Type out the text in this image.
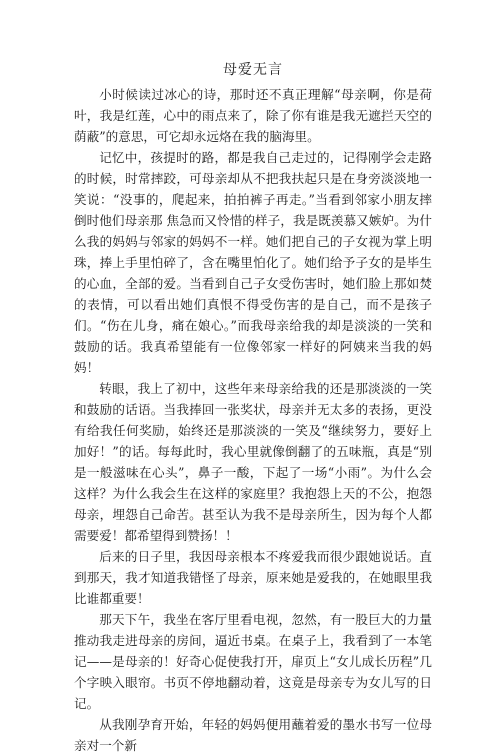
母爱无言

小时候读过冰心的诗，那时还不真正理解“母亲啊，你是荷叶，我是红莲，心中的雨点来了，除了你有谁是我无遮拦天空的荫蔽”的意思，可它却永远烙在我的脑海里。

记忆中，孩提时的路，都是我自己走过的，记得刚学会走路的时候，时常摔跤，可母亲却从不把我扶起只是在身旁淡淡地一笑说：“没事的，爬起来，拍拍裤子再走。”当看到邻家小朋友摔倒时他们母亲那 焦急而又怜惜的样子，我是既羡慕又嫉妒。为什么我的妈妈与邻家的妈妈不一样。她们把自己的子女视为掌上明珠，捧上手里怕碎了，含在嘴里怕化了。她们给予子女的是毕生的心血，全部的爱。当看到自己子女受伤害时，她们脸上那如焚的表情，可以看出她们真恨不得受伤害的是自己，而不是孩子们。“伤在儿身，痛在娘心。”而我母亲给我的却是淡淡的一笑和鼓励的话。我真希望能有一位像邻家一样好的阿姨来当我的妈妈！

转眼，我上了初中，这些年来母亲给我的还是那淡淡的一笑和鼓励的话语。当我捧回一张奖状，母亲并无太多的表扬，更没有给我任何奖励，始终还是那淡淡的一笑及“继续努力，要好上加好！”的话。每每此时，我心里就像倒翻了的五味瓶，真是“别是一般滋味在心头”，鼻子一酸，下起了一场“小雨”。为什么会这样？为什么我会生在这样的家庭里？我抱怨上天的不公，抱怨母亲，埋怨自己命苦。甚至认为我不是母亲所生，因为每个人都需要爱！都希望得到赞扬！！

后来的日子里，我因母亲根本不疼爱我而很少跟她说话。直到那天，我才知道我错怪了母亲，原来她是爱我的，在她眼里我比谁都重要！

那天下午，我坐在客厅里看电视，忽然，有一股巨大的力量推动我走进母亲的房间，逼近书桌。在桌子上，我看到了一本笔记——是母亲的！好奇心促使我打开，扉页上“女儿成长历程”几个字映入眼帘。书页不停地翻动着，这竟是母亲专为女儿写的日记。

从我刚孕育开始，年轻的妈妈便用蘸着爱的墨水书写一位母亲对一个新
